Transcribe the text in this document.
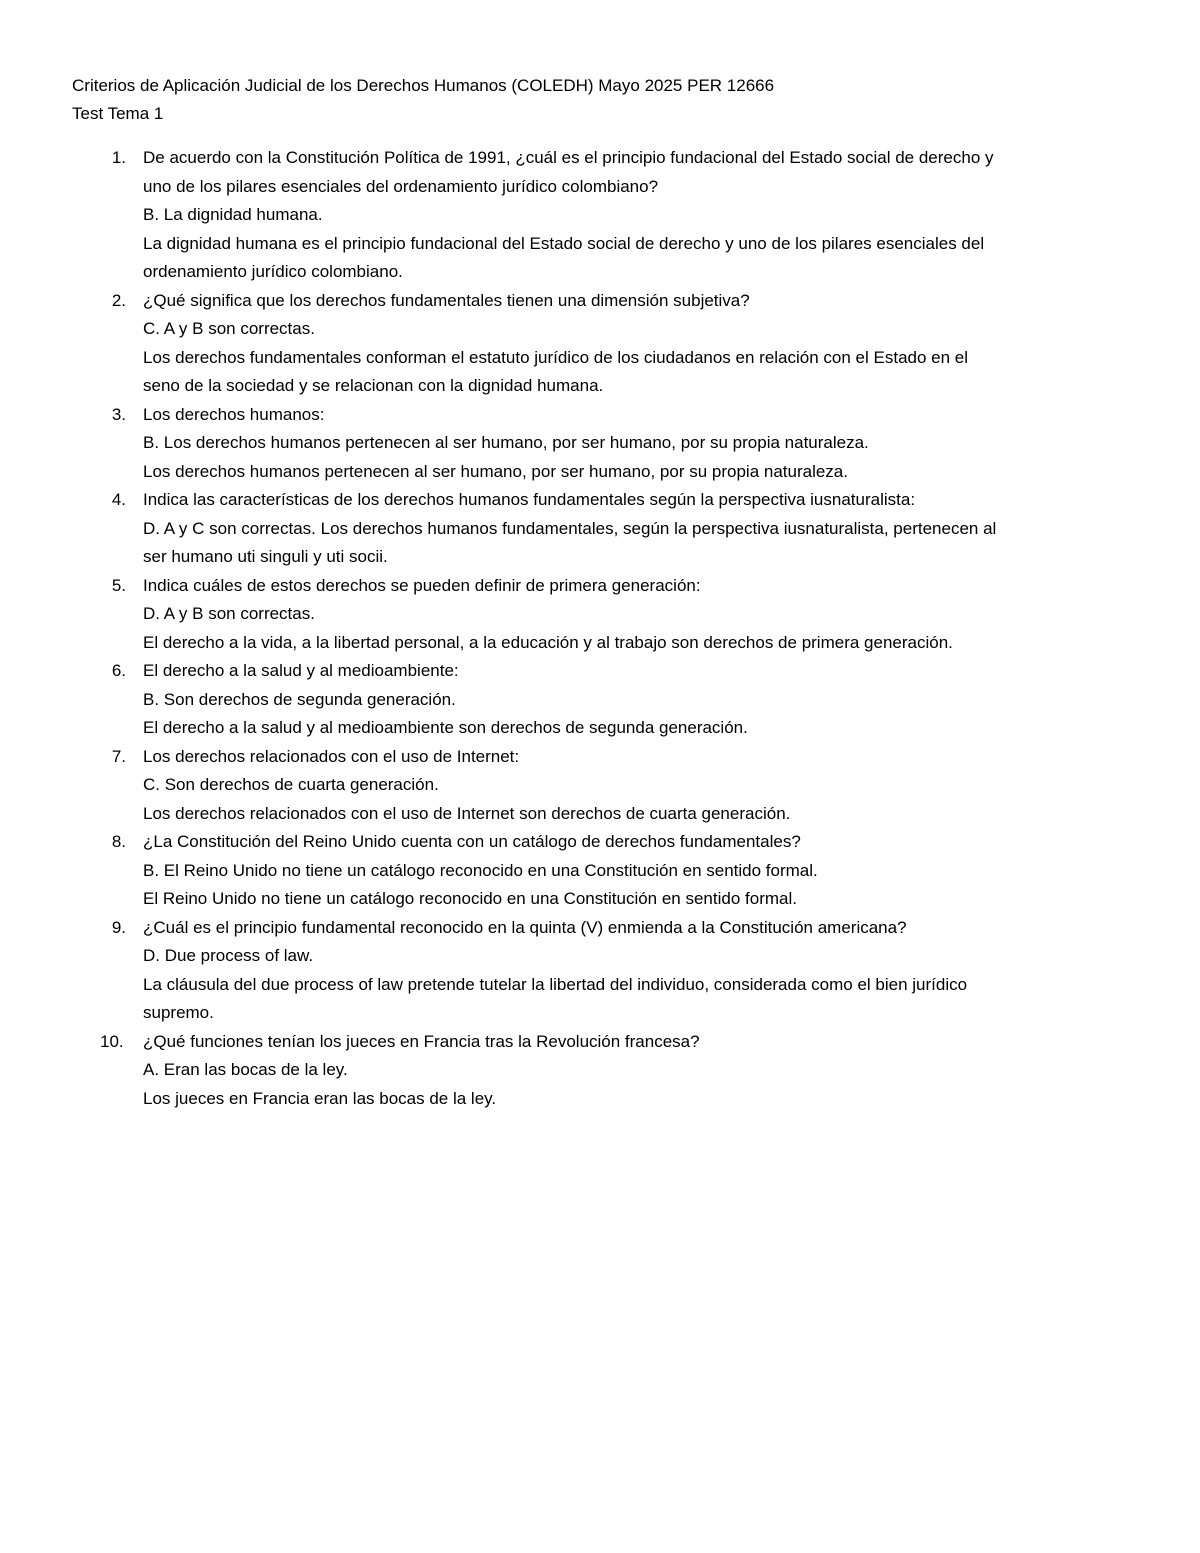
Criterios de Aplicación Judicial de los Derechos Humanos (COLEDH) Mayo 2025 PER 12666
Test Tema 1
1. De acuerdo con la Constitución Política de 1991, ¿cuál es el principio fundacional del Estado social de derecho y
uno de los pilares esenciales del ordenamiento jurídico colombiano?
B. La dignidad humana.
La dignidad humana es el principio fundacional del Estado social de derecho y uno de los pilares esenciales del
ordenamiento jurídico colombiano.
2. ¿Qué significa que los derechos fundamentales tienen una dimensión subjetiva?
C. A y B son correctas.
Los derechos fundamentales conforman el estatuto jurídico de los ciudadanos en relación con el Estado en el
seno de la sociedad y se relacionan con la dignidad humana.
3. Los derechos humanos:
B. Los derechos humanos pertenecen al ser humano, por ser humano, por su propia naturaleza.
Los derechos humanos pertenecen al ser humano, por ser humano, por su propia naturaleza.
4. Indica las características de los derechos humanos fundamentales según la perspectiva iusnaturalista:
D. A y C son correctas. Los derechos humanos fundamentales, según la perspectiva iusnaturalista, pertenecen al
ser humano uti singuli y uti socii.
5. Indica cuáles de estos derechos se pueden definir de primera generación:
D. A y B son correctas.
El derecho a la vida, a la libertad personal, a la educación y al trabajo son derechos de primera generación.
6. El derecho a la salud y al medioambiente:
B. Son derechos de segunda generación.
El derecho a la salud y al medioambiente son derechos de segunda generación.
7. Los derechos relacionados con el uso de Internet:
C. Son derechos de cuarta generación.
Los derechos relacionados con el uso de Internet son derechos de cuarta generación.
8. ¿La Constitución del Reino Unido cuenta con un catálogo de derechos fundamentales?
B. El Reino Unido no tiene un catálogo reconocido en una Constitución en sentido formal.
El Reino Unido no tiene un catálogo reconocido en una Constitución en sentido formal.
9. ¿Cuál es el principio fundamental reconocido en la quinta (V) enmienda a la Constitución americana?
D. Due process of law.
La cláusula del due process of law pretende tutelar la libertad del individuo, considerada como el bien jurídico
supremo.
10. ¿Qué funciones tenían los jueces en Francia tras la Revolución francesa?
A. Eran las bocas de la ley.
Los jueces en Francia eran las bocas de la ley.
